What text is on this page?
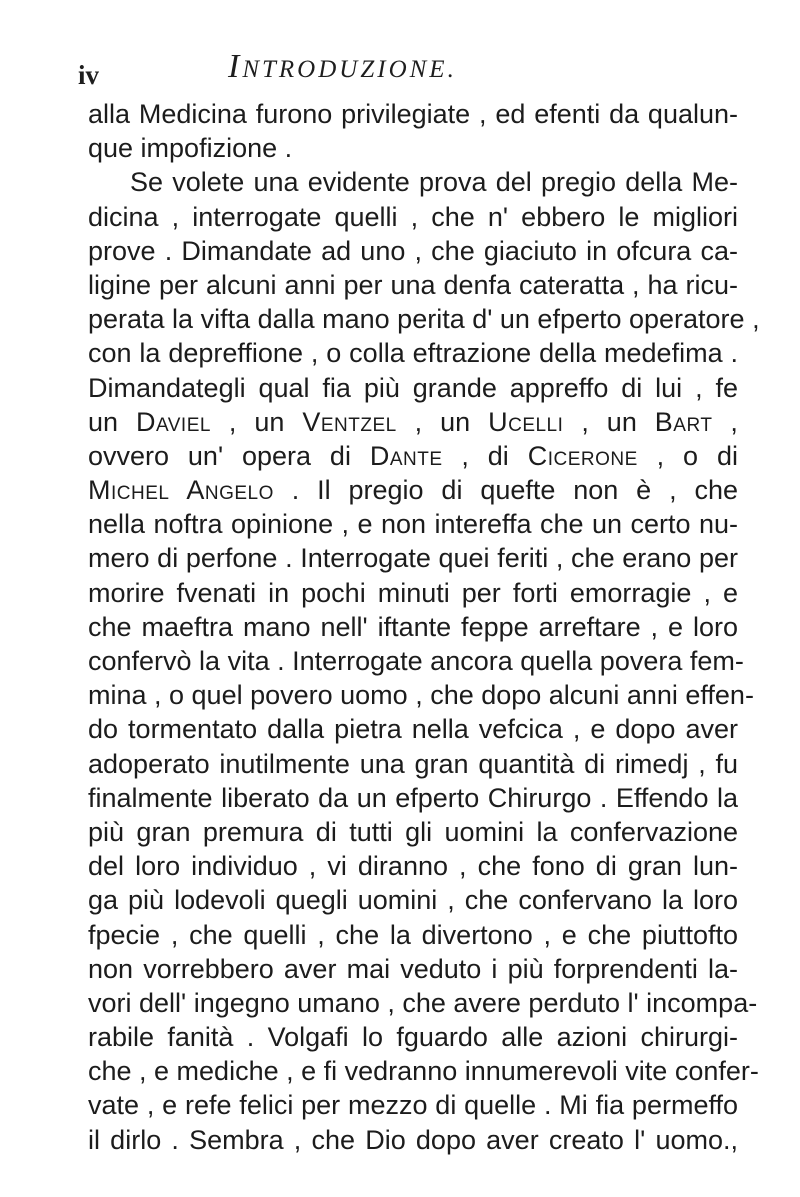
iv	INTRODUZIONE.
alla Medicina furono privilegiate , ed efenti da qualun-
que impofizione .
Se volete una evidente prova del pregio della Me-
dicina , interrogate quelli , che n' ebbero le migliori
prove . Dimandate ad uno , che giaciuto in ofcura ca-
ligine per alcuni anni per una denfa cateratta , ha ricu-
perata la vifta dalla mano perita d' un efperto operatore ,
con la depreffione , o colla eftrazione della medefima .
Dimandategli qual fia più grande appreffo di lui , fe
un Daviel , un Ventzel , un Ucelli , un Bart ,
ovvero un' opera di Dante , di Cicerone , o di
Michel Angelo . Il pregio di quefte non è , che
nella noftra opinione , e non intereffa che un certo nu-
mero di perfone . Interrogate quei feriti , che erano per
morire fvenati in pochi minuti per forti emorragie , e
che maeftra mano nell' iftante feppe arreftare , e loro
confervò la vita . Interrogate ancora quella povera fem-
mina , o quel povero uomo , che dopo alcuni anni effen-
do tormentato dalla pietra nella vefcica , e dopo aver
adoperato inutilmente una gran quantità di rimedj , fu
finalmente liberato da un efperto Chirurgo . Effendo la
più gran premura di tutti gli uomini la confervazione
del loro individuo , vi diranno , che fono di gran lun-
ga più lodevoli quegli uomini , che confervano la loro
fpecie , che quelli , che la divertono , e che piuttofto
non vorrebbero aver mai veduto i più forprendenti la-
vori dell' ingegno umano , che avere perduto l' incompa-
rabile fanità . Volgafi lo fguardo alle azioni chirurgi-
che , e mediche , e fi vedranno innumerevoli vite confer-
vate , e refe felici per mezzo di quelle . Mi fia permeffo
il dirlo . Sembra , che Dio dopo aver creato l' uomo.,
